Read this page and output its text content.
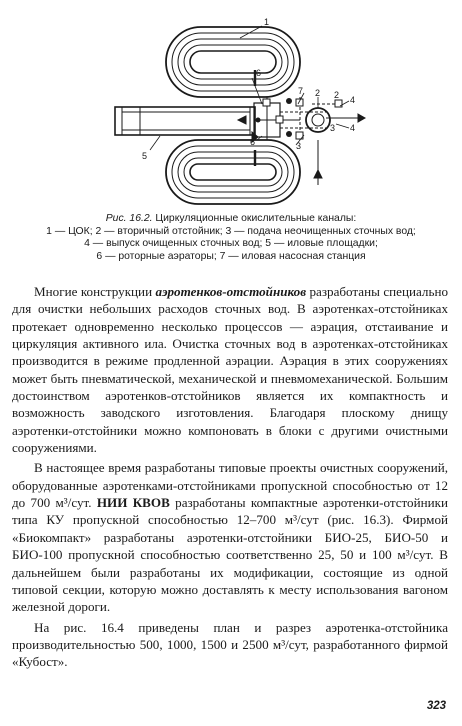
1
2
3
4
5
6
7	2
3
4
6
Рис. 16.2. Циркуляционные окислительные каналы:
1 — ЦОК; 2 — вторичный отстойник; 3 — подача неочищенных сточных вод;
4 — выпуск очищенных сточных вод; 5 — иловые площадки;
6 — роторные аэраторы; 7 — иловая насосная станция

Многие конструкции аэротенков-отстойников разработаны специально для очистки небольших расходов сточных вод. В аэротенках-отстойниках протекает одновременно несколько процессов — аэрация, отстаивание и циркуляция активного ила. Очистка сточных вод в аэротенках-отстойниках производится в режиме продленной аэрации. Аэрация в этих сооружениях может быть пневматической, механической и пневмомеханической. Большим достоинством аэротенков-отстойников является их компактность и возможность заводского изготовления. Благодаря плоскому днищу аэротенки-отстойники можно компоновать в блоки с другими очистными сооружениями.

В настоящее время разработаны типовые проекты очистных сооружений, оборудованные аэротенками-отстойниками пропускной способностью от 12 до 700 м³/сут. НИИ КВОВ разработаны компактные аэротенки-отстойники типа КУ пропускной способностью 12–700 м³/сут (рис. 16.3). Фирмой «Биокомпакт» разработаны аэротенки-отстойники БИО-25, БИО-50 и БИО-100 пропускной способностью соответственно 25, 50 и 100 м³/сут. В дальнейшем были разработаны их модификации, состоящие из одной типовой секции, которую можно доставлять к месту использования вагоном железной дороги.

На рис. 16.4 приведены план и разрез аэротенка-отстойника производительностью 500, 1000, 1500 и 2500 м³/сут, разработанного фирмой «Кубост».

323
